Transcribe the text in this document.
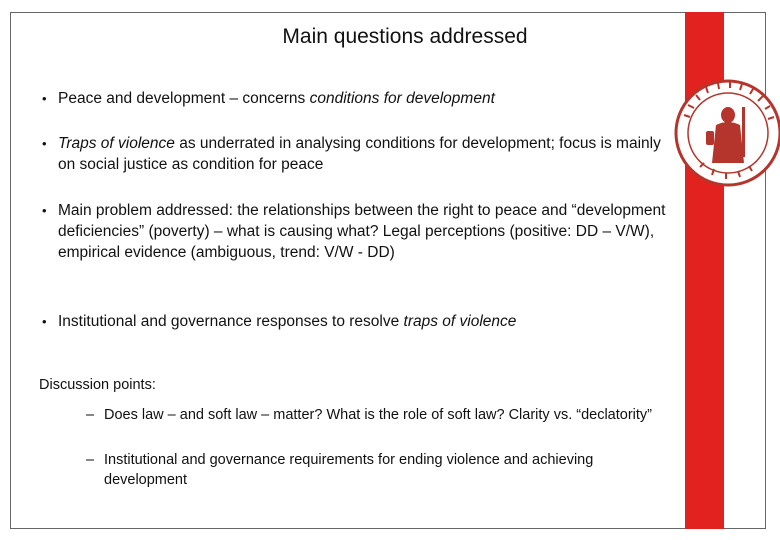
Main questions addressed
• Peace and development – concerns conditions for development
• Traps of violence as underrated in analysing conditions for development; focus is mainly on social justice as condition for peace
• Main problem addressed: the relationships between the right to peace and “development deficiencies” (poverty) – what is causing what? Legal perceptions (positive: DD – V/W), empirical evidence (ambiguous, trend: V/W - DD)
• Institutional and governance responses to resolve traps of violence
Discussion points:
– Does law – and soft law – matter? What is the role of soft law? Clarity vs. “declatority”
– Institutional and governance requirements for ending violence and achieving development
